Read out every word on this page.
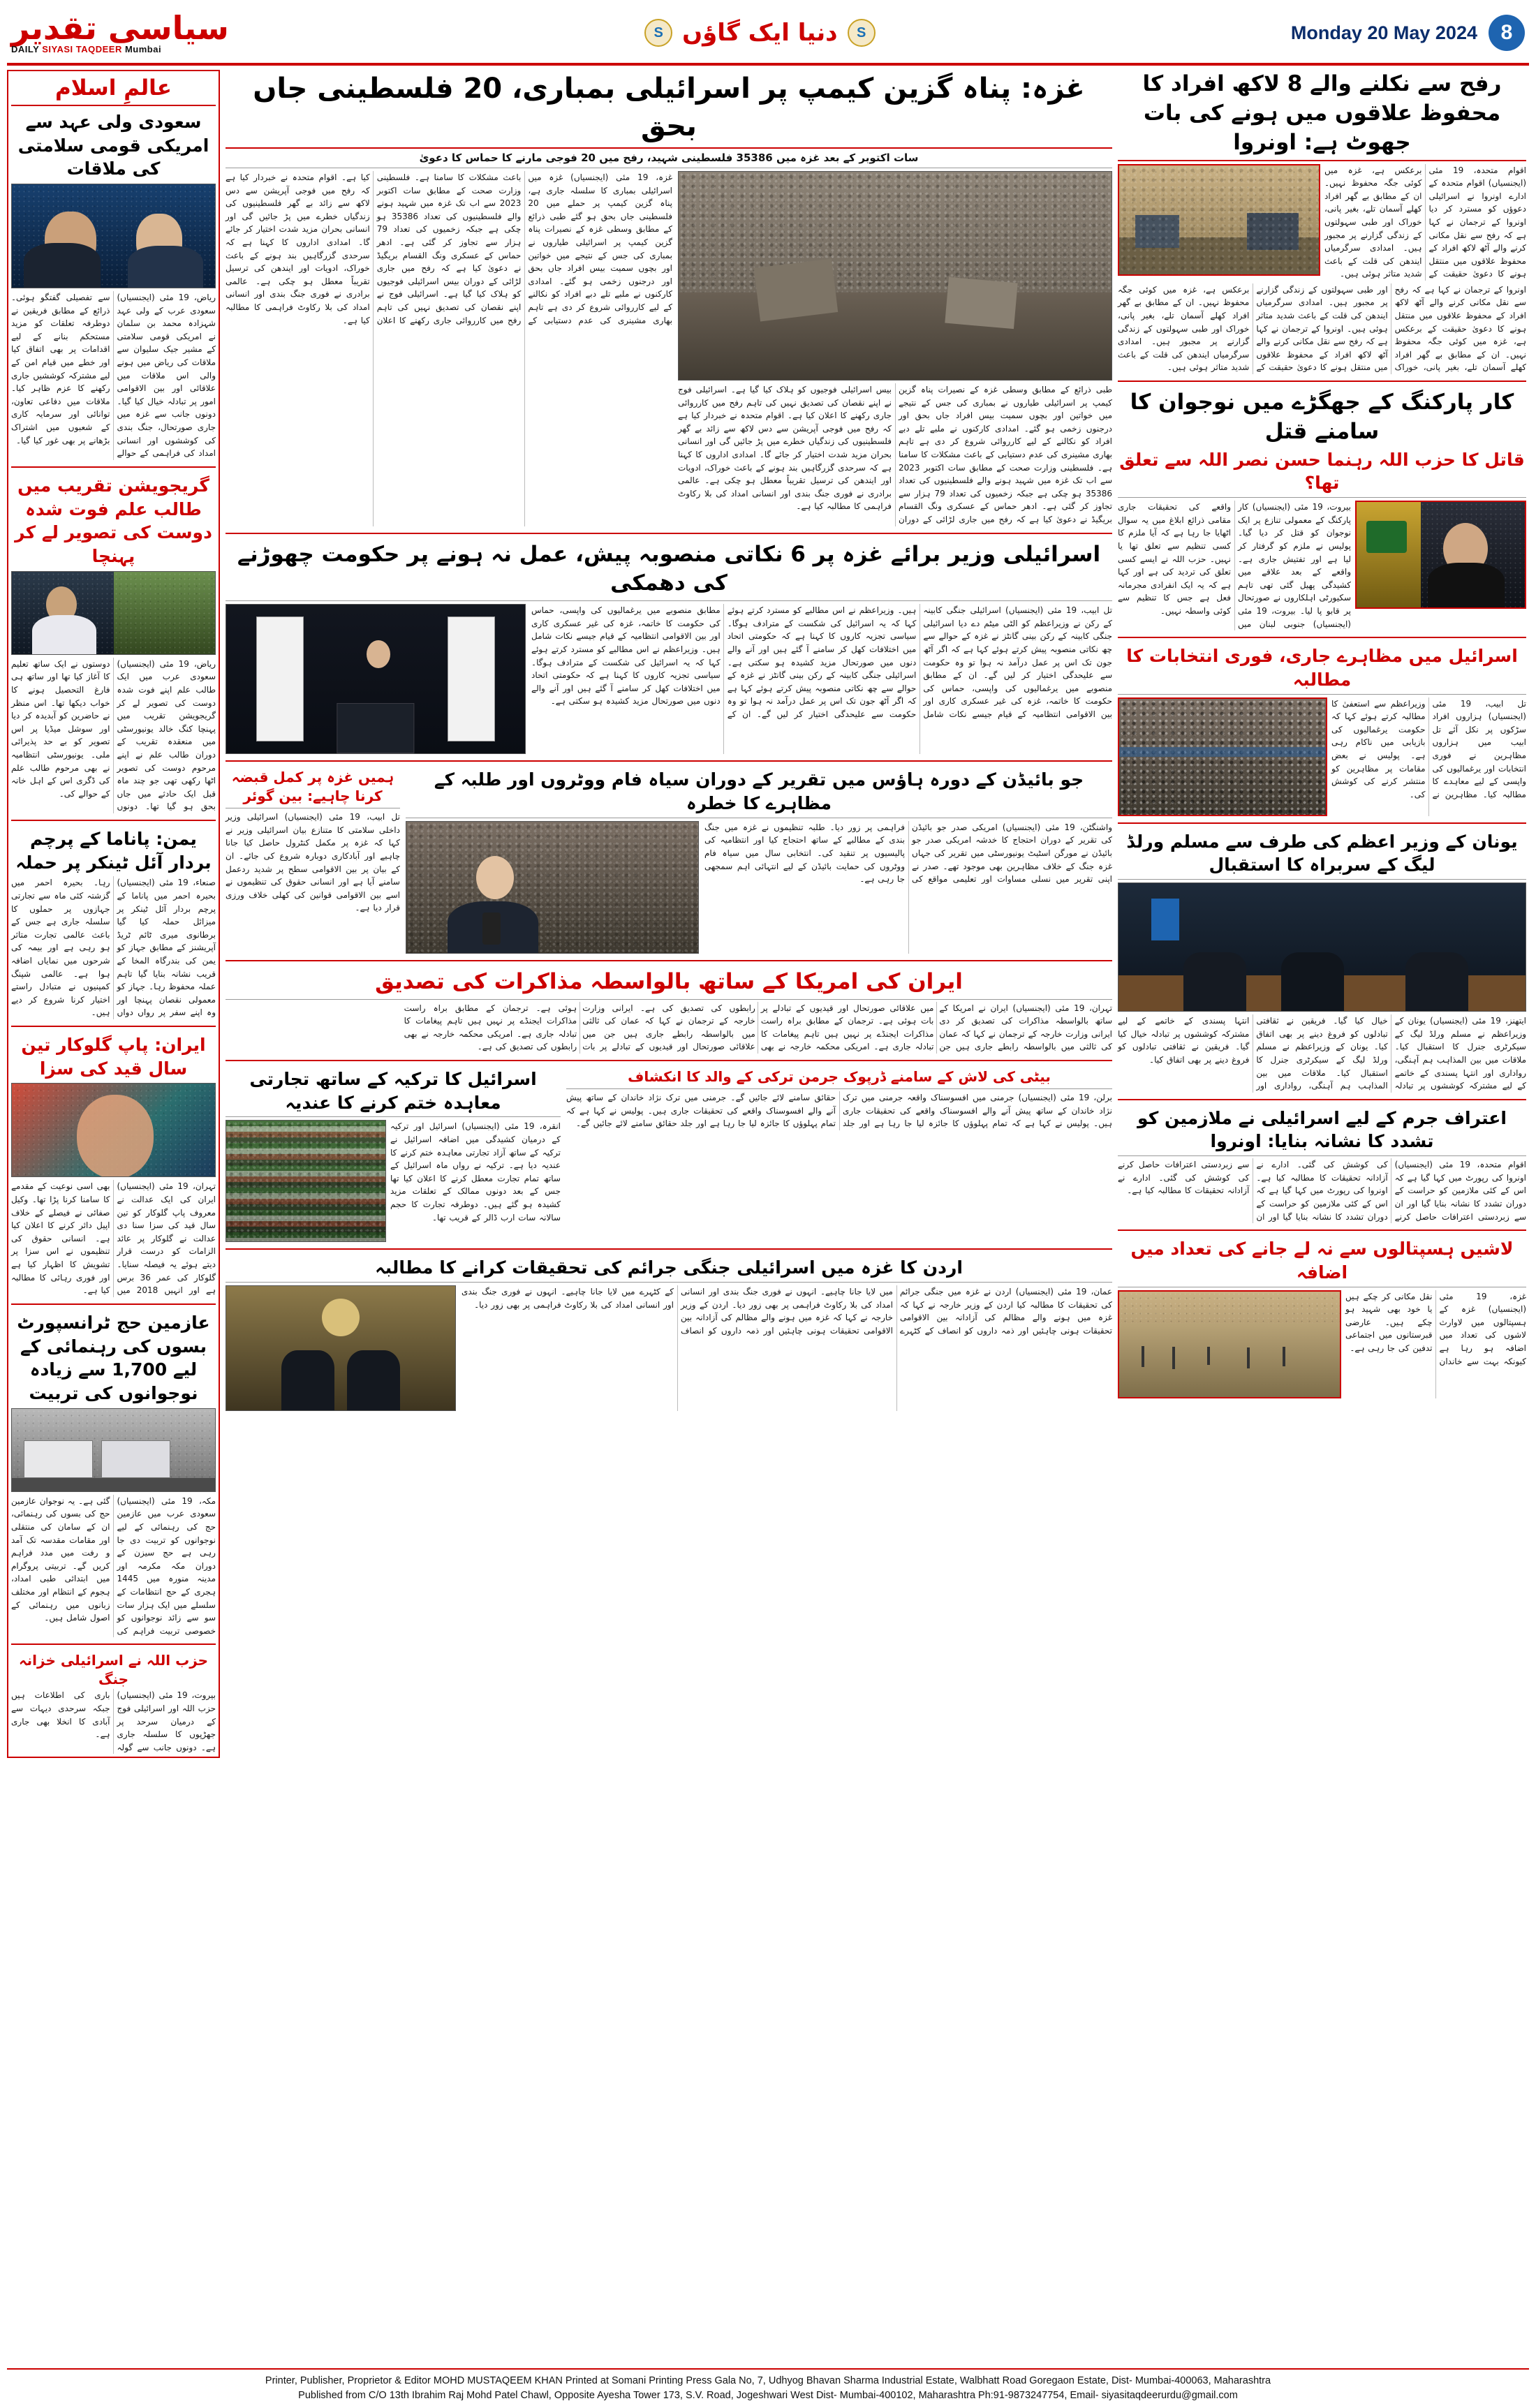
سیاسی تقدیر
DAILY SIYASI TAQDEER Mumbai
S دنیا ایک گاؤں	S	Monday 20 May 2024	8
عالمِ اسلام
سعودی ولی عہد سے امریکی قومی سلامتی کی ملاقات
ریاض، 19 مئی (ایجنسیاں) سعودی عرب کے ولی عہد شہزادہ محمد بن سلمان نے امریکی قومی سلامتی کے مشیر جیک سلیوان سے ملاقات کی ریاض میں ہونے والی اس ملاقات میں علاقائی اور بین الاقوامی امور پر تبادلہ خیال کیا گیا۔ دونوں جانب سے غزہ میں جاری صورتحال، جنگ بندی کی کوششوں اور انسانی امداد کی فراہمی کے حوالے سے تفصیلی گفتگو ہوئی۔ ذرائع کے مطابق فریقین نے دوطرفہ تعلقات کو مزید مستحکم بنانے کے لیے اقدامات پر بھی اتفاق کیا اور خطے میں قیام امن کے لیے مشترکہ کوششیں جاری رکھنے کا عزم ظاہر کیا۔ ملاقات میں دفاعی تعاون، توانائی اور سرمایہ کاری کے شعبوں میں اشتراک بڑھانے پر بھی غور کیا گیا۔
گریجویشن تقریب میں طالب علم فوت شدہ دوست کی تصویر لے کر پہنچا
ریاض، 19 مئی (ایجنسیاں) سعودی عرب میں ایک طالب علم اپنے فوت شدہ دوست کی تصویر لے کر گریجویشن تقریب میں پہنچا کنگ خالد یونیورسٹی میں منعقدہ تقریب کے دوران طالب علم نے اپنے مرحوم دوست کی تصویر اٹھا رکھی تھی جو چند ماہ قبل ایک حادثے میں جاں بحق ہو گیا تھا۔ دونوں دوستوں نے ایک ساتھ تعلیم کا آغاز کیا تھا اور ساتھ ہی فارغ التحصیل ہونے کا خواب دیکھا تھا۔ اس منظر نے حاضرین کو آبدیدہ کر دیا اور سوشل میڈیا پر اس تصویر کو بے حد پذیرائی ملی۔ یونیورسٹی انتظامیہ نے بھی مرحوم طالب علم کی ڈگری اس کے اہل خانہ کے حوالے کی۔
یمن: پاناما کے پرچم بردار آئل ٹینکر پر حملہ
صنعاء، 19 مئی (ایجنسیاں) بحیرہ احمر میں پاناما کے پرچم بردار آئل ٹینکر پر میزائل حملہ کیا گیا برطانوی میری ٹائم ٹریڈ آپریشنز کے مطابق جہاز کو یمن کی بندرگاہ المخا کے قریب نشانہ بنایا گیا تاہم عملہ محفوظ رہا۔ جہاز کو معمولی نقصان پہنچا اور وہ اپنے سفر پر رواں دواں رہا۔ بحیرہ احمر میں گزشتہ کئی ماہ سے تجارتی جہازوں پر حملوں کا سلسلہ جاری ہے جس کے باعث عالمی تجارت متاثر ہو رہی ہے اور بیمہ کی شرحوں میں نمایاں اضافہ ہوا ہے۔ عالمی شپنگ کمپنیوں نے متبادل راستے اختیار کرنا شروع کر دیے ہیں۔
ایران: پاپ گلوکار تین سال قید کی سزا
تہران، 19 مئی (ایجنسیاں) ایران کی ایک عدالت نے معروف پاپ گلوکار کو تین سال قید کی سزا سنا دی عدالت نے گلوکار پر عائد الزامات کو درست قرار دیتے ہوئے یہ فیصلہ سنایا۔ گلوکار کی عمر 36 برس ہے اور انہیں 2018 میں بھی اسی نوعیت کے مقدمے کا سامنا کرنا پڑا تھا۔ وکیل صفائی نے فیصلے کے خلاف اپیل دائر کرنے کا اعلان کیا ہے۔ انسانی حقوق کی تنظیموں نے اس سزا پر تشویش کا اظہار کیا ہے اور فوری رہائی کا مطالبہ کیا ہے۔
عازمین حج ٹرانسپورٹ بسوں کی رہنمائی کے لیے 1,700 سے زیادہ نوجوانوں کی تربیت
مکہ، 19 مئی (ایجنسیاں) سعودی عرب میں عازمین حج کی رہنمائی کے لیے نوجوانوں کو تربیت دی جا رہی ہے حج سیزن کے دوران مکہ مکرمہ اور مدینہ منورہ میں 1445 ہجری کے حج انتظامات کے سلسلے میں ایک ہزار سات سو سے زائد نوجوانوں کو خصوصی تربیت فراہم کی گئی ہے۔ یہ نوجوان عازمین حج کی بسوں کی رہنمائی، ان کے سامان کی منتقلی اور مقامات مقدسہ تک آمد و رفت میں مدد فراہم کریں گے۔ تربیتی پروگرام میں ابتدائی طبی امداد، ہجوم کے انتظام اور مختلف زبانوں میں رہنمائی کے اصول شامل ہیں۔
حزب اللہ نے اسرائیلی خزانہ جنگ
بیروت، 19 مئی (ایجنسیاں) حزب اللہ اور اسرائیلی فوج کے درمیان سرحد پر جھڑپوں کا سلسلہ جاری ہے۔ دونوں جانب سے گولہ باری کی اطلاعات ہیں جبکہ سرحدی دیہات سے آبادی کا انخلا بھی جاری ہے۔
غزہ: پناہ گزین کیمپ پر اسرائیلی بمباری، 20 فلسطینی جاں بحق
سات اکتوبر کے بعد غزہ میں 35386 فلسطینی شہید، رفح میں 20 فوجی مارنے کا حماس کا دعویٰ
غزہ، 19 مئی (ایجنسیاں) غزہ میں اسرائیلی بمباری کا سلسلہ جاری ہے، پناہ گزین کیمپ پر حملے میں 20 فلسطینی جاں بحق ہو گئے طبی ذرائع کے مطابق وسطی غزہ کے نصیرات پناہ گزین کیمپ پر اسرائیلی طیاروں نے بمباری کی جس کے نتیجے میں خواتین اور بچوں سمیت بیس افراد جاں بحق اور درجنوں زخمی ہو گئے۔ امدادی کارکنوں نے ملبے تلے دبے افراد کو نکالنے کے لیے کارروائی شروع کر دی ہے تاہم بھاری مشینری کی عدم دستیابی کے باعث مشکلات کا سامنا ہے۔ فلسطینی وزارت صحت کے مطابق سات اکتوبر 2023 سے اب تک غزہ میں شہید ہونے والے فلسطینیوں کی تعداد 35386 ہو چکی ہے جبکہ زخمیوں کی تعداد 79 ہزار سے تجاوز کر گئی ہے۔ ادھر حماس کے عسکری ونگ القسام بریگیڈ نے دعویٰ کیا ہے کہ رفح میں جاری لڑائی کے دوران بیس اسرائیلی فوجیوں کو ہلاک کیا گیا ہے۔ اسرائیلی فوج نے اپنے نقصان کی تصدیق نہیں کی تاہم رفح میں کارروائی جاری رکھنے کا اعلان کیا ہے۔ اقوام متحدہ نے خبردار کیا ہے کہ رفح میں فوجی آپریشن سے دس لاکھ سے زائد بے گھر فلسطینیوں کی زندگیاں خطرے میں پڑ جائیں گی اور انسانی بحران مزید شدت اختیار کر جائے گا۔ امدادی اداروں کا کہنا ہے کہ سرحدی گزرگاہیں بند ہونے کے باعث خوراک، ادویات اور ایندھن کی ترسیل تقریباً معطل ہو چکی ہے۔ عالمی برادری نے فوری جنگ بندی اور انسانی امداد کی بلا رکاوٹ فراہمی کا مطالبہ کیا ہے۔
طبی ذرائع کے مطابق وسطی غزہ کے نصیرات پناہ گزین کیمپ پر اسرائیلی طیاروں نے بمباری کی جس کے نتیجے میں خواتین اور بچوں سمیت بیس افراد جاں بحق اور درجنوں زخمی ہو گئے۔ امدادی کارکنوں نے ملبے تلے دبے افراد کو نکالنے کے لیے کارروائی شروع کر دی ہے تاہم بھاری مشینری کی عدم دستیابی کے باعث مشکلات کا سامنا ہے۔ فلسطینی وزارت صحت کے مطابق سات اکتوبر 2023 سے اب تک غزہ میں شہید ہونے والے فلسطینیوں کی تعداد 35386 ہو چکی ہے جبکہ زخمیوں کی تعداد 79 ہزار سے تجاوز کر گئی ہے۔ ادھر حماس کے عسکری ونگ القسام بریگیڈ نے دعویٰ کیا ہے کہ رفح میں جاری لڑائی کے دوران بیس اسرائیلی فوجیوں کو ہلاک کیا گیا ہے۔ اسرائیلی فوج نے اپنے نقصان کی تصدیق نہیں کی تاہم رفح میں کارروائی جاری رکھنے کا اعلان کیا ہے۔ اقوام متحدہ نے خبردار کیا ہے کہ رفح میں فوجی آپریشن سے دس لاکھ سے زائد بے گھر فلسطینیوں کی زندگیاں خطرے میں پڑ جائیں گی اور انسانی بحران مزید شدت اختیار کر جائے گا۔ امدادی اداروں کا کہنا ہے کہ سرحدی گزرگاہیں بند ہونے کے باعث خوراک، ادویات اور ایندھن کی ترسیل تقریباً معطل ہو چکی ہے۔ عالمی برادری نے فوری جنگ بندی اور انسانی امداد کی بلا رکاوٹ فراہمی کا مطالبہ کیا ہے۔
اسرائیلی وزیر برائے غزہ پر 6 نکاتی منصوبہ پیش، عمل نہ ہونے پر حکومت چھوڑنے کی دھمکی
تل ابیب، 19 مئی (ایجنسیاں) اسرائیلی جنگی کابینہ کے رکن نے وزیراعظم کو الٹی میٹم دے دیا اسرائیلی جنگی کابینہ کے رکن بینی گانٹز نے غزہ کے حوالے سے چھ نکاتی منصوبہ پیش کرتے ہوئے کہا ہے کہ اگر آٹھ جون تک اس پر عمل درآمد نہ ہوا تو وہ حکومت سے علیحدگی اختیار کر لیں گے۔ ان کے مطابق منصوبے میں یرغمالیوں کی واپسی، حماس کی حکومت کا خاتمہ، غزہ کی غیر عسکری کاری اور بین الاقوامی انتظامیہ کے قیام جیسے نکات شامل ہیں۔ وزیراعظم نے اس مطالبے کو مسترد کرتے ہوئے کہا کہ یہ اسرائیل کی شکست کے مترادف ہوگا۔ سیاسی تجزیہ کاروں کا کہنا ہے کہ حکومتی اتحاد میں اختلافات کھل کر سامنے آ گئے ہیں اور آنے والے دنوں میں صورتحال مزید کشیدہ ہو سکتی ہے۔ اسرائیلی جنگی کابینہ کے رکن بینی گانٹز نے غزہ کے حوالے سے چھ نکاتی منصوبہ پیش کرتے ہوئے کہا ہے کہ اگر آٹھ جون تک اس پر عمل درآمد نہ ہوا تو وہ حکومت سے علیحدگی اختیار کر لیں گے۔ ان کے مطابق منصوبے میں یرغمالیوں کی واپسی، حماس کی حکومت کا خاتمہ، غزہ کی غیر عسکری کاری اور بین الاقوامی انتظامیہ کے قیام جیسے نکات شامل ہیں۔ وزیراعظم نے اس مطالبے کو مسترد کرتے ہوئے کہا کہ یہ اسرائیل کی شکست کے مترادف ہوگا۔ سیاسی تجزیہ کاروں کا کہنا ہے کہ حکومتی اتحاد میں اختلافات کھل کر سامنے آ گئے ہیں اور آنے والے دنوں میں صورتحال مزید کشیدہ ہو سکتی ہے۔
ہمیں غزہ پر کمل قبضہ کرنا چاہیے: بین گوئر
تل ابیب، 19 مئی (ایجنسیاں) اسرائیلی وزیر داخلی سلامتی کا متنازع بیان اسرائیلی وزیر نے کہا کہ غزہ پر مکمل کنٹرول حاصل کیا جانا چاہیے اور آبادکاری دوبارہ شروع کی جائے۔ ان کے بیان پر بین الاقوامی سطح پر شدید ردعمل سامنے آیا ہے اور انسانی حقوق کی تنظیموں نے اسے بین الاقوامی قوانین کی کھلی خلاف ورزی قرار دیا ہے۔
جو بائیڈن کے دورہ ہاؤس میں تقریر کے دوران سیاہ فام ووٹروں اور طلبہ کے مظاہرے کا خطرہ
واشنگٹن، 19 مئی (ایجنسیاں) امریکی صدر جو بائیڈن کی تقریر کے دوران احتجاج کا خدشہ امریکی صدر جو بائیڈن نے مورگن اسٹیٹ یونیورسٹی میں تقریر کی جہاں غزہ جنگ کے خلاف مظاہرین بھی موجود تھے۔ صدر نے اپنی تقریر میں نسلی مساوات اور تعلیمی مواقع کی فراہمی پر زور دیا۔ طلبہ تنظیموں نے غزہ میں جنگ بندی کے مطالبے کے ساتھ احتجاج کیا اور انتظامیہ کی پالیسیوں پر تنقید کی۔ انتخابی سال میں سیاہ فام ووٹروں کی حمایت بائیڈن کے لیے انتہائی اہم سمجھی جا رہی ہے۔
ایران کی امریکا کے ساتھ بالواسطہ مذاکرات کی تصدیق
تہران، 19 مئی (ایجنسیاں) ایران نے امریکا کے ساتھ بالواسطہ مذاکرات کی تصدیق کر دی ایرانی وزارت خارجہ کے ترجمان نے کہا کہ عمان کی ثالثی میں بالواسطہ رابطے جاری ہیں جن میں علاقائی صورتحال اور قیدیوں کے تبادلے پر بات ہوئی ہے۔ ترجمان کے مطابق براہ راست مذاکرات ایجنڈے پر نہیں ہیں تاہم پیغامات کا تبادلہ جاری ہے۔ امریکی محکمہ خارجہ نے بھی رابطوں کی تصدیق کی ہے۔ ایرانی وزارت خارجہ کے ترجمان نے کہا کہ عمان کی ثالثی میں بالواسطہ رابطے جاری ہیں جن میں علاقائی صورتحال اور قیدیوں کے تبادلے پر بات ہوئی ہے۔ ترجمان کے مطابق براہ راست مذاکرات ایجنڈے پر نہیں ہیں تاہم پیغامات کا تبادلہ جاری ہے۔ امریکی محکمہ خارجہ نے بھی رابطوں کی تصدیق کی ہے۔
اسرائیل کا ترکیہ کے ساتھ تجارتی معاہدہ ختم کرنے کا عندیہ
انقرہ، 19 مئی (ایجنسیاں) اسرائیل اور ترکیہ کے درمیان کشیدگی میں اضافہ اسرائیل نے ترکیہ کے ساتھ آزاد تجارتی معاہدہ ختم کرنے کا عندیہ دیا ہے۔ ترکیہ نے رواں ماہ اسرائیل کے ساتھ تمام تجارت معطل کرنے کا اعلان کیا تھا جس کے بعد دونوں ممالک کے تعلقات مزید کشیدہ ہو گئے ہیں۔ دوطرفہ تجارت کا حجم سالانہ سات ارب ڈالر کے قریب تھا۔
بیٹی کی لاش کے سامنے ڈرپوک جرمن ترکی کے والد کا انکشاف
برلن، 19 مئی (ایجنسیاں) جرمنی میں افسوسناک واقعہ جرمنی میں ترک نژاد خاندان کے ساتھ پیش آنے والے افسوسناک واقعے کی تحقیقات جاری ہیں۔ پولیس نے کہا ہے کہ تمام پہلوؤں کا جائزہ لیا جا رہا ہے اور جلد حقائق سامنے لائے جائیں گے۔ جرمنی میں ترک نژاد خاندان کے ساتھ پیش آنے والے افسوسناک واقعے کی تحقیقات جاری ہیں۔ پولیس نے کہا ہے کہ تمام پہلوؤں کا جائزہ لیا جا رہا ہے اور جلد حقائق سامنے لائے جائیں گے۔
اردن کا غزہ میں اسرائیلی جنگی جرائم کی تحقیقات کرانے کا مطالبہ
عمان، 19 مئی (ایجنسیاں) اردن نے غزہ میں جنگی جرائم کی تحقیقات کا مطالبہ کیا اردن کے وزیر خارجہ نے کہا کہ غزہ میں ہونے والے مظالم کی آزادانہ بین الاقوامی تحقیقات ہونی چاہئیں اور ذمہ داروں کو انصاف کے کٹہرے میں لایا جانا چاہیے۔ انہوں نے فوری جنگ بندی اور انسانی امداد کی بلا رکاوٹ فراہمی پر بھی زور دیا۔ اردن کے وزیر خارجہ نے کہا کہ غزہ میں ہونے والے مظالم کی آزادانہ بین الاقوامی تحقیقات ہونی چاہئیں اور ذمہ داروں کو انصاف کے کٹہرے میں لایا جانا چاہیے۔ انہوں نے فوری جنگ بندی اور انسانی امداد کی بلا رکاوٹ فراہمی پر بھی زور دیا۔
رفح سے نکلنے والے 8 لاکھ افراد کا محفوظ علاقوں میں ہونے کی بات جھوٹ ہے: اونروا
اقوام متحدہ، 19 مئی (ایجنسیاں) اقوام متحدہ کے ادارے اونروا نے اسرائیلی دعوؤں کو مسترد کر دیا اونروا کے ترجمان نے کہا ہے کہ رفح سے نقل مکانی کرنے والے آٹھ لاکھ افراد کے محفوظ علاقوں میں منتقل ہونے کا دعویٰ حقیقت کے برعکس ہے، غزہ میں کوئی جگہ محفوظ نہیں۔ ان کے مطابق بے گھر افراد کھلے آسمان تلے، بغیر پانی، خوراک اور طبی سہولتوں کے زندگی گزارنے پر مجبور ہیں۔ امدادی سرگرمیاں ایندھن کی قلت کے باعث شدید متاثر ہوئی ہیں۔
اونروا کے ترجمان نے کہا ہے کہ رفح سے نقل مکانی کرنے والے آٹھ لاکھ افراد کے محفوظ علاقوں میں منتقل ہونے کا دعویٰ حقیقت کے برعکس ہے، غزہ میں کوئی جگہ محفوظ نہیں۔ ان کے مطابق بے گھر افراد کھلے آسمان تلے، بغیر پانی، خوراک اور طبی سہولتوں کے زندگی گزارنے پر مجبور ہیں۔ امدادی سرگرمیاں ایندھن کی قلت کے باعث شدید متاثر ہوئی ہیں۔ اونروا کے ترجمان نے کہا ہے کہ رفح سے نقل مکانی کرنے والے آٹھ لاکھ افراد کے محفوظ علاقوں میں منتقل ہونے کا دعویٰ حقیقت کے برعکس ہے، غزہ میں کوئی جگہ محفوظ نہیں۔ ان کے مطابق بے گھر افراد کھلے آسمان تلے، بغیر پانی، خوراک اور طبی سہولتوں کے زندگی گزارنے پر مجبور ہیں۔ امدادی سرگرمیاں ایندھن کی قلت کے باعث شدید متاثر ہوئی ہیں۔
کار پارکنگ کے جھگڑے میں نوجوان کا سامنے قتل
قاتل کا حزب اللہ رہنما حسن نصر اللہ سے تعلق تھا؟
بیروت، 19 مئی (ایجنسیاں) کار پارکنگ کے معمولی تنازع پر ایک نوجوان کو قتل کر دیا گیا۔ پولیس نے ملزم کو گرفتار کر لیا ہے اور تفتیش جاری ہے۔ واقعے کے بعد علاقے میں کشیدگی پھیل گئی تھی تاہم سکیورٹی اہلکاروں نے صورتحال پر قابو پا لیا۔ بیروت، 19 مئی (ایجنسیاں) جنوبی لبنان میں واقعے کی تحقیقات جاری مقامی ذرائع ابلاغ میں یہ سوال اٹھایا جا رہا ہے کہ آیا ملزم کا کسی تنظیم سے تعلق تھا یا نہیں۔ حزب اللہ نے ایسے کسی تعلق کی تردید کی ہے اور کہا ہے کہ یہ ایک انفرادی مجرمانہ فعل ہے جس کا تنظیم سے کوئی واسطہ نہیں۔
اسرائیل میں مظاہرے جاری، فوری انتخابات کا مطالبہ
تل ابیب، 19 مئی (ایجنسیاں) ہزاروں افراد سڑکوں پر نکل آئے تل ابیب میں ہزاروں مظاہرین نے فوری انتخابات اور یرغمالیوں کی واپسی کے لیے معاہدے کا مطالبہ کیا۔ مظاہرین نے وزیراعظم سے استعفیٰ کا مطالبہ کرتے ہوئے کہا کہ حکومت یرغمالیوں کی بازیابی میں ناکام رہی ہے۔ پولیس نے بعض مقامات پر مظاہرین کو منتشر کرنے کی کوشش کی۔
یونان کے وزیر اعظم کی طرف سے مسلم ورلڈ لیگ کے سربراہ کا استقبال
ایتھنز، 19 مئی (ایجنسیاں) یونان کے وزیراعظم نے مسلم ورلڈ لیگ کے سیکرٹری جنرل کا استقبال کیا۔ ملاقات میں بین المذاہب ہم آہنگی، رواداری اور انتہا پسندی کے خاتمے کے لیے مشترکہ کوششوں پر تبادلہ خیال کیا گیا۔ فریقین نے ثقافتی تبادلوں کو فروغ دینے پر بھی اتفاق کیا۔ یونان کے وزیراعظم نے مسلم ورلڈ لیگ کے سیکرٹری جنرل کا استقبال کیا۔ ملاقات میں بین المذاہب ہم آہنگی، رواداری اور انتہا پسندی کے خاتمے کے لیے مشترکہ کوششوں پر تبادلہ خیال کیا گیا۔ فریقین نے ثقافتی تبادلوں کو فروغ دینے پر بھی اتفاق کیا۔
اعتراف جرم کے لیے اسرائیلی نے ملازمین کو تشدد کا نشانہ بنایا: اونروا
اقوام متحدہ، 19 مئی (ایجنسیاں) اونروا کی رپورٹ میں کہا گیا ہے کہ اس کے کئی ملازمین کو حراست کے دوران تشدد کا نشانہ بنایا گیا اور ان سے زبردستی اعترافات حاصل کرنے کی کوشش کی گئی۔ ادارے نے آزادانہ تحقیقات کا مطالبہ کیا ہے۔ اونروا کی رپورٹ میں کہا گیا ہے کہ اس کے کئی ملازمین کو حراست کے دوران تشدد کا نشانہ بنایا گیا اور ان سے زبردستی اعترافات حاصل کرنے کی کوشش کی گئی۔ ادارے نے آزادانہ تحقیقات کا مطالبہ کیا ہے۔
لاشیں ہسپتالوں سے نہ لے جانے کی تعداد میں اضافہ
غزہ، 19 مئی (ایجنسیاں) غزہ کے ہسپتالوں میں لاوارث لاشوں کی تعداد میں اضافہ ہو رہا ہے کیونکہ بہت سے خاندان نقل مکانی کر چکے ہیں یا خود بھی شہید ہو چکے ہیں۔ عارضی قبرستانوں میں اجتماعی تدفین کی جا رہی ہے۔
Printer, Publisher, Proprietor & Editor MOHD MUSTAQEEM KHAN Printed at Somani Printing Press Gala No, 7, Udhyog Bhavan Sharma Industrial Estate, Walbhatt Road Goregaon Estate, Dist- Mumbai-400063, Maharashtra
Published from C/O 13th Ibrahim Raj Mohd Patel Chawl, Opposite Ayesha Tower 173, S.V. Road, Jogeshwari West Dist- Mumbai-400102, Maharashtra Ph:91-9873247754, Email- siyasitaqdeerurdu@gmail.com
